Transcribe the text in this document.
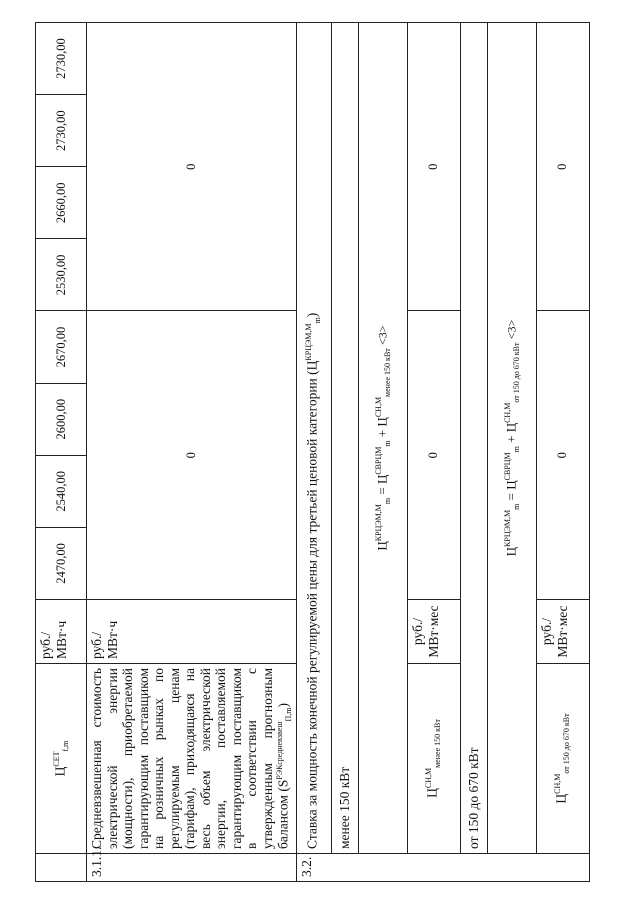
	$Ц^{СЕТ}_{f,m}$	руб./МВт·ч	2470,00	2540,00	2600,00	2670,00	2530,00	2660,00	2730,00	2730,00
3.1.1.	Средневзвешенная стоимость электрической энергии (мощности), приобретаемой гарантирующим поставщиком на розничных рынках по регулируемым ценам (тарифам), приходящаяся на весь объем электрической энергии, поставляемой гарантирующим поставщиком в соответствии с утвержденным прогнозным балансом $(S^{РЭКсредневзвеш}_{П,m})$	руб./МВт·ч	0				0			
3.2.	Ставка за мощность конечной регулируемой цены для третьей ценовой категории $(Ц^{КРЦЭМ,М}_m)$									
	менее 150 кВт									
	$Ц^{КРЦЭМ,М}_m = Ц^{СВРЦМ}_m + Ц^{СН,М}_{менее 150 кВт} <3>$									
	$Ц^{СН,М}_{менее 150 кВт}$	руб./ МВт·мес	0				0			
	от 150 до 670 кВт									
	$Ц^{КРЦЭМ,М}_m = Ц^{СВРЦМ}_m + Ц^{СН,М}_{от 150 до 670 кВт} <3>$									
	$Ц^{СН,М}_{от 150 до 670 кВт}$	руб./ МВт·мес	0				0			
